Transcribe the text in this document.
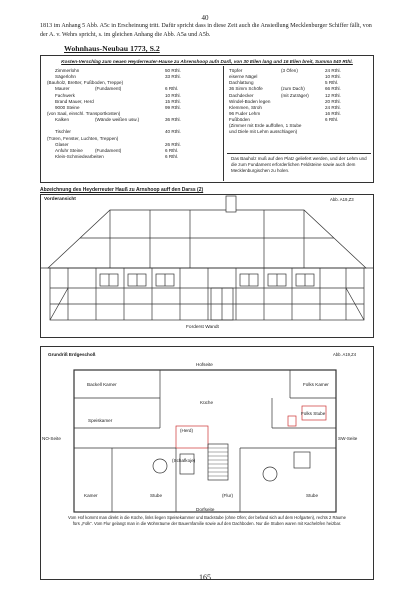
40
1813 im Anhang 5 Abb. A5c in Erscheinung tritt. Dafür spricht dass in diese Zeit auch die Ansiedlung Mecklenburger Schiffer fällt, von der A. v. Wehrs spricht, s. im gleichen Anhang die Abb. A5a und A5b.
Wohnhaus-Neubau 1773, S.2
Kosten-Verschlag zum neuen Heyderreuter-Hause zu Ahrenshoop aufn Darß, von 30 Ellen lang und 16 Ellen breit, Summa 540 Rthl.
Zimmerlohn	50 Rthl.
Sägerlohn	33 Rthl.
(Bauholz, Bretter, Fußboden, Treppe)
Maurer	(Fundament)	6 Rthl.
Fachwerk	10 Rthl.
Brand Mauer, Herd	15 Rthl.
9000 Steine	99 Rthl.
(von Saal, einschl. Transportkosten)
Kalken	(Wände weißen usw.)	36 Rthl.
Tischler	40 Rthl.
(Türen, Fenster, Luchten, Treppen)
Glaser	26 Rthl.
Anfuhr Steine	(Fundament)	6 Rthl.
Klein-Schmiedearbeiten	6 Rthl.
Töpfer	(3 Öfen)	24 Rthl.
eiserne Nägel	10 Rthl.
Dachlattung	5 Rthl.
36 Simm Schöfe	(zum Dach)	66 Rthl.
Dachdecker	(mit Zuträger)	12 Rthl.
Windel-Boden legen	20 Rthl.
Klemmen, Stroh	24 Rthl.
96 Fuder Lehm	16 Rthl.
Fußböden	6 Rthl.
(Zimmer mit Erde auffüllen, 1 Stube
und Diele mit Lehm ausschlagen)
Das Bauholz muß auf den Platz geliefert werden, und der Lehm und die zum Fundament erforderlichen Feldsteine sowie auch dem Mecklenburgischen zu holen.
Abzeichnung des Heyderreuter Hauß zu Arnshoop auff den Darss (2)
Vorderansicht	Abb. A19,Z3
Forderst Wandt
Grundriß Erdgeschoß	Abb. A19,Z4
Hofseite
Backell Kamer	Folks Kamer
Küche
Speiskamer
Folks Stube
(Herd)
(Schafkoje)
NO-Seite	SW-Seite
Kamer	Stube	(Flur)	Stube
Dorfseite
Vom Hof kommt man direkt in die Küche, links liegen Speisekammer und Backstube (ohne Ofen; der befand sich auf dem Hofgarten), rechts 2 Räume fürs „Folk“. Vom Flur gelangt man in die Wohnräume der Bauernfamilie sowie auf den Dachboden. Nur die Stuben waren mit Kachelöfen heizbar.
165
